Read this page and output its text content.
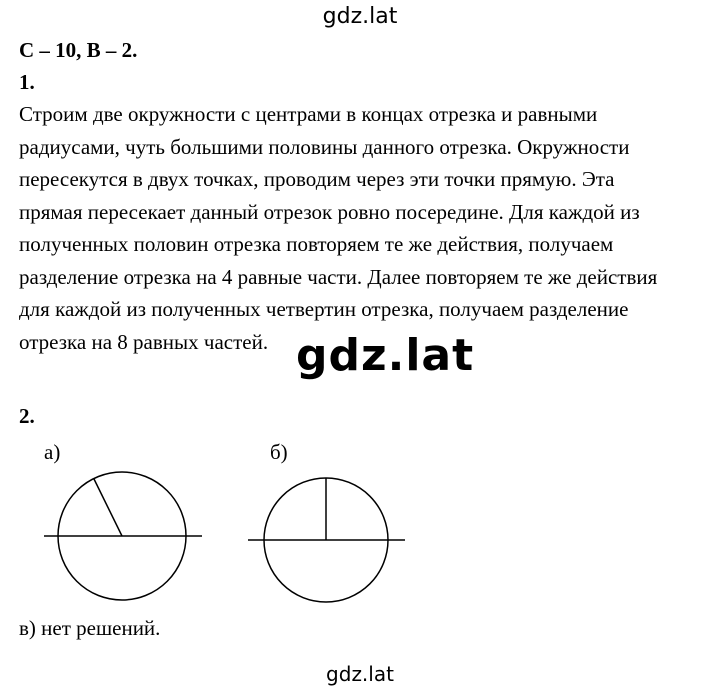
gdz.lat
С – 10, В – 2.
1.
Строим две окружности с центрами в концах отрезка и равными
радиусами, чуть большими половины данного отрезка. Окружности
пересекутся в двух точках, проводим через эти точки прямую. Эта
прямая пересекает данный отрезок ровно посередине. Для каждой из
полученных половин отрезка повторяем те же действия, получаем
разделение отрезка на 4 равные части. Далее повторяем те же действия
для каждой из полученных четвертин отрезка, получаем разделение
отрезка на 8 равных частей. gdz.lat
2.
а)	б)
в) нет решений.
gdz.lat
